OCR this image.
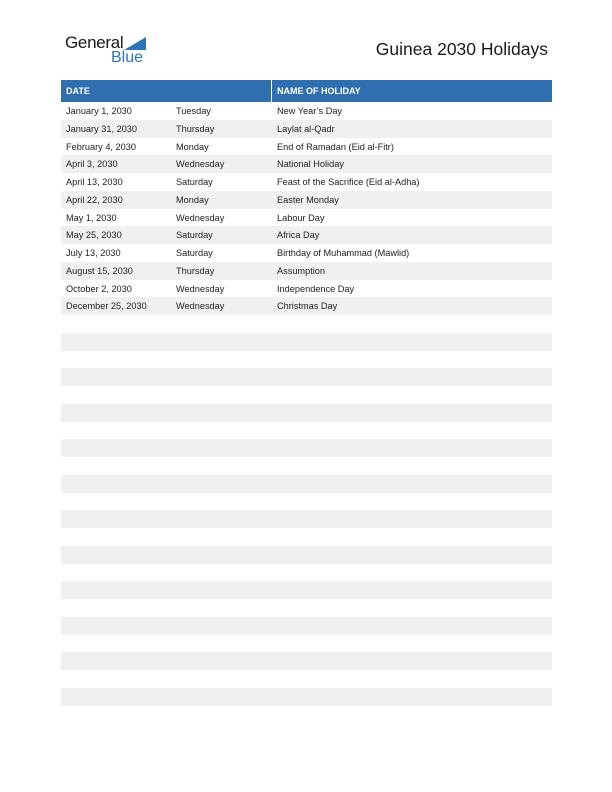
General
Blue	Guinea 2030 Holidays
DATE	NAME OF HOLIDAY
January 1, 2030	Tuesday	New Year’s Day
January 31, 2030	Thursday	Laylat al-Qadr
February 4, 2030	Monday	End of Ramadan (Eid al-Fitr)
April 3, 2030	Wednesday	National Holiday
April 13, 2030	Saturday	Feast of the Sacrifice (Eid al-Adha)
April 22, 2030	Monday	Easter Monday
May 1, 2030	Wednesday	Labour Day
May 25, 2030	Saturday	Africa Day
July 13, 2030	Saturday	Birthday of Muhammad (Mawlid)
August 15, 2030	Thursday	Assumption
October 2, 2030	Wednesday	Independence Day
December 25, 2030	Wednesday	Christmas Day
